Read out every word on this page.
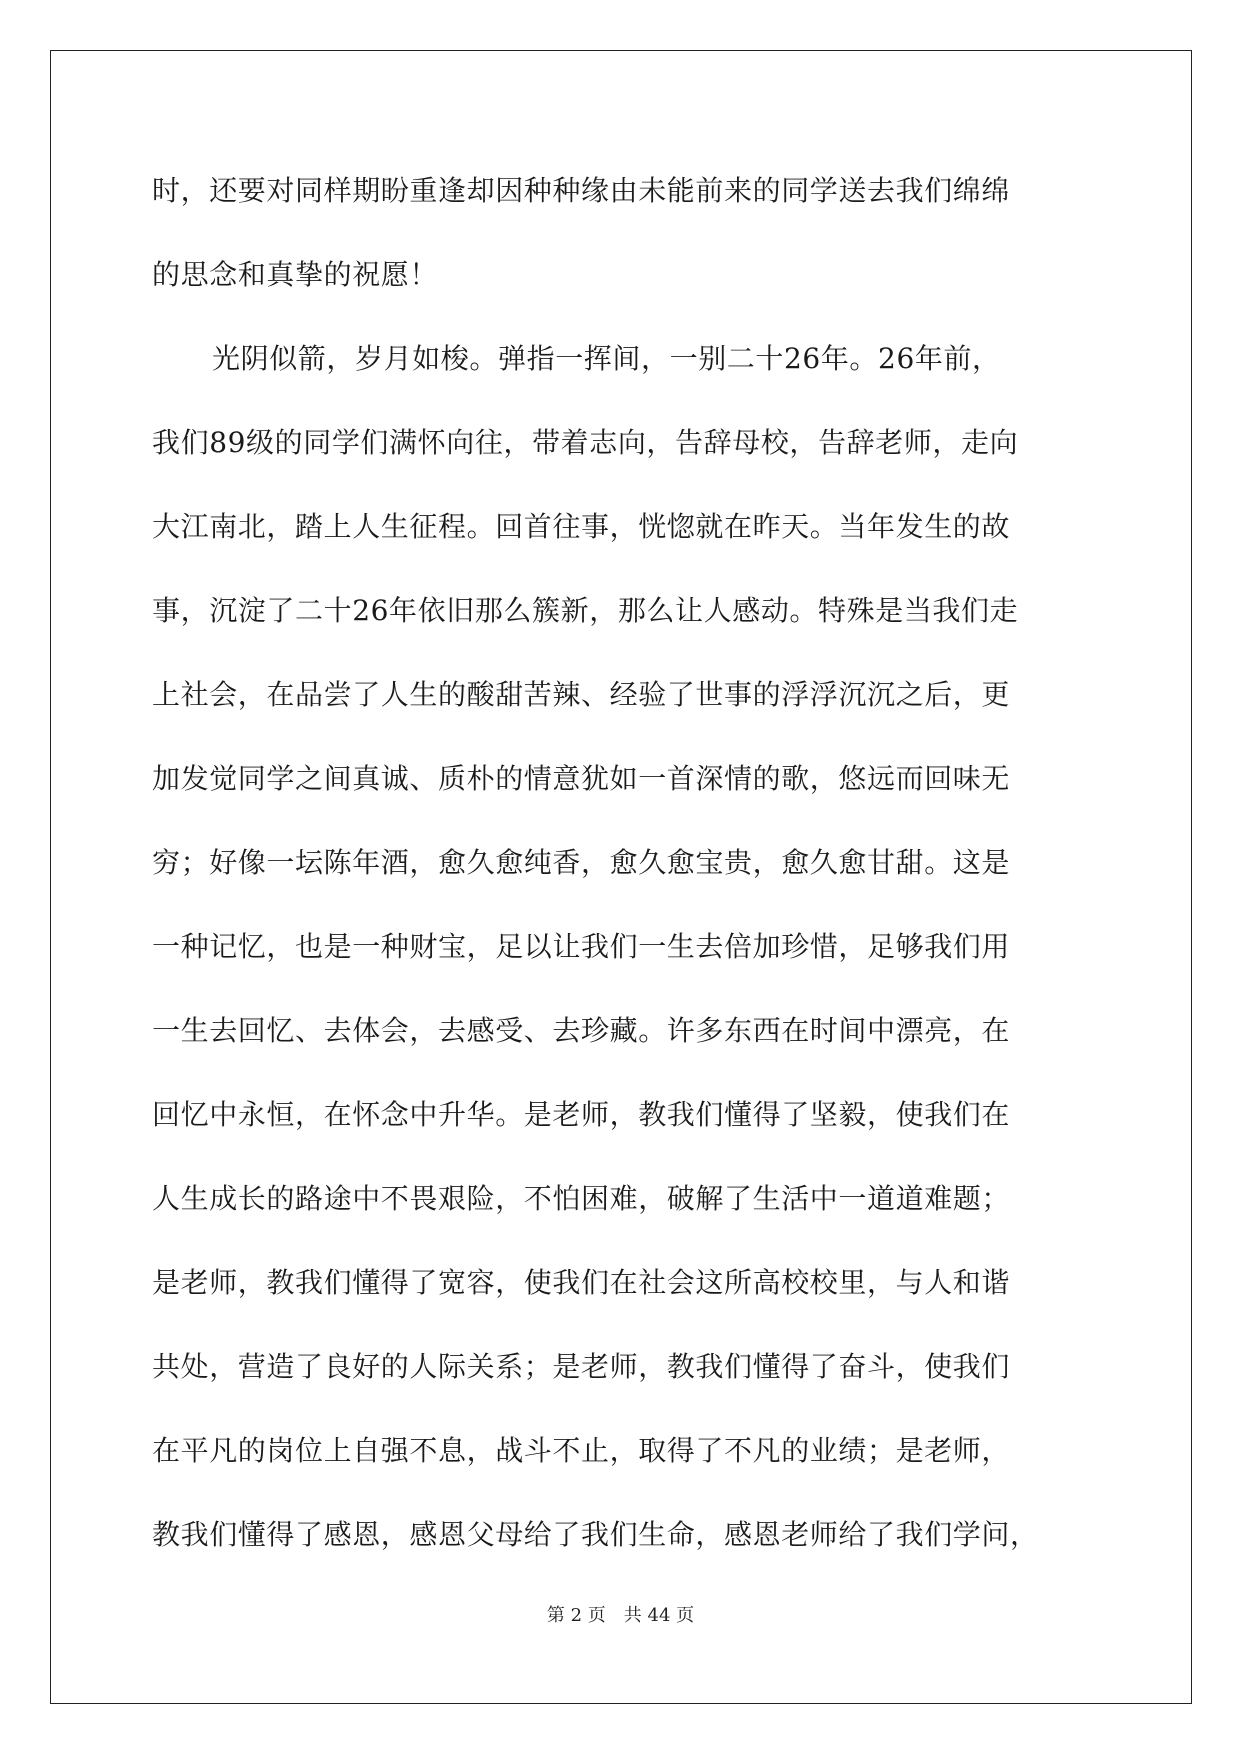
时，还要对同样期盼重逢却因种种缘由未能前来的同学送去我们绵绵
的思念和真挚的祝愿！
光阴似箭，岁月如梭。弹指一挥间，一别二十26年。26年前，
我们89级的同学们满怀向往，带着志向，告辞母校，告辞老师，走向
大江南北，踏上人生征程。回首往事，恍惚就在昨天。当年发生的故
事，沉淀了二十26年依旧那么簇新，那么让人感动。特殊是当我们走
上社会，在品尝了人生的酸甜苦辣、经验了世事的浮浮沉沉之后，更
加发觉同学之间真诚、质朴的情意犹如一首深情的歌，悠远而回味无
穷；好像一坛陈年酒，愈久愈纯香，愈久愈宝贵，愈久愈甘甜。这是
一种记忆，也是一种财宝，足以让我们一生去倍加珍惜，足够我们用
一生去回忆、去体会，去感受、去珍藏。许多东西在时间中漂亮，在
回忆中永恒，在怀念中升华。是老师，教我们懂得了坚毅，使我们在
人生成长的路途中不畏艰险，不怕困难，破解了生活中一道道难题；
是老师，教我们懂得了宽容，使我们在社会这所高校校里，与人和谐
共处，营造了良好的人际关系；是老师，教我们懂得了奋斗，使我们
在平凡的岗位上自强不息，战斗不止，取得了不凡的业绩；是老师，
教我们懂得了感恩，感恩父母给了我们生命，感恩老师给了我们学问，
第 2 页　共 44 页
